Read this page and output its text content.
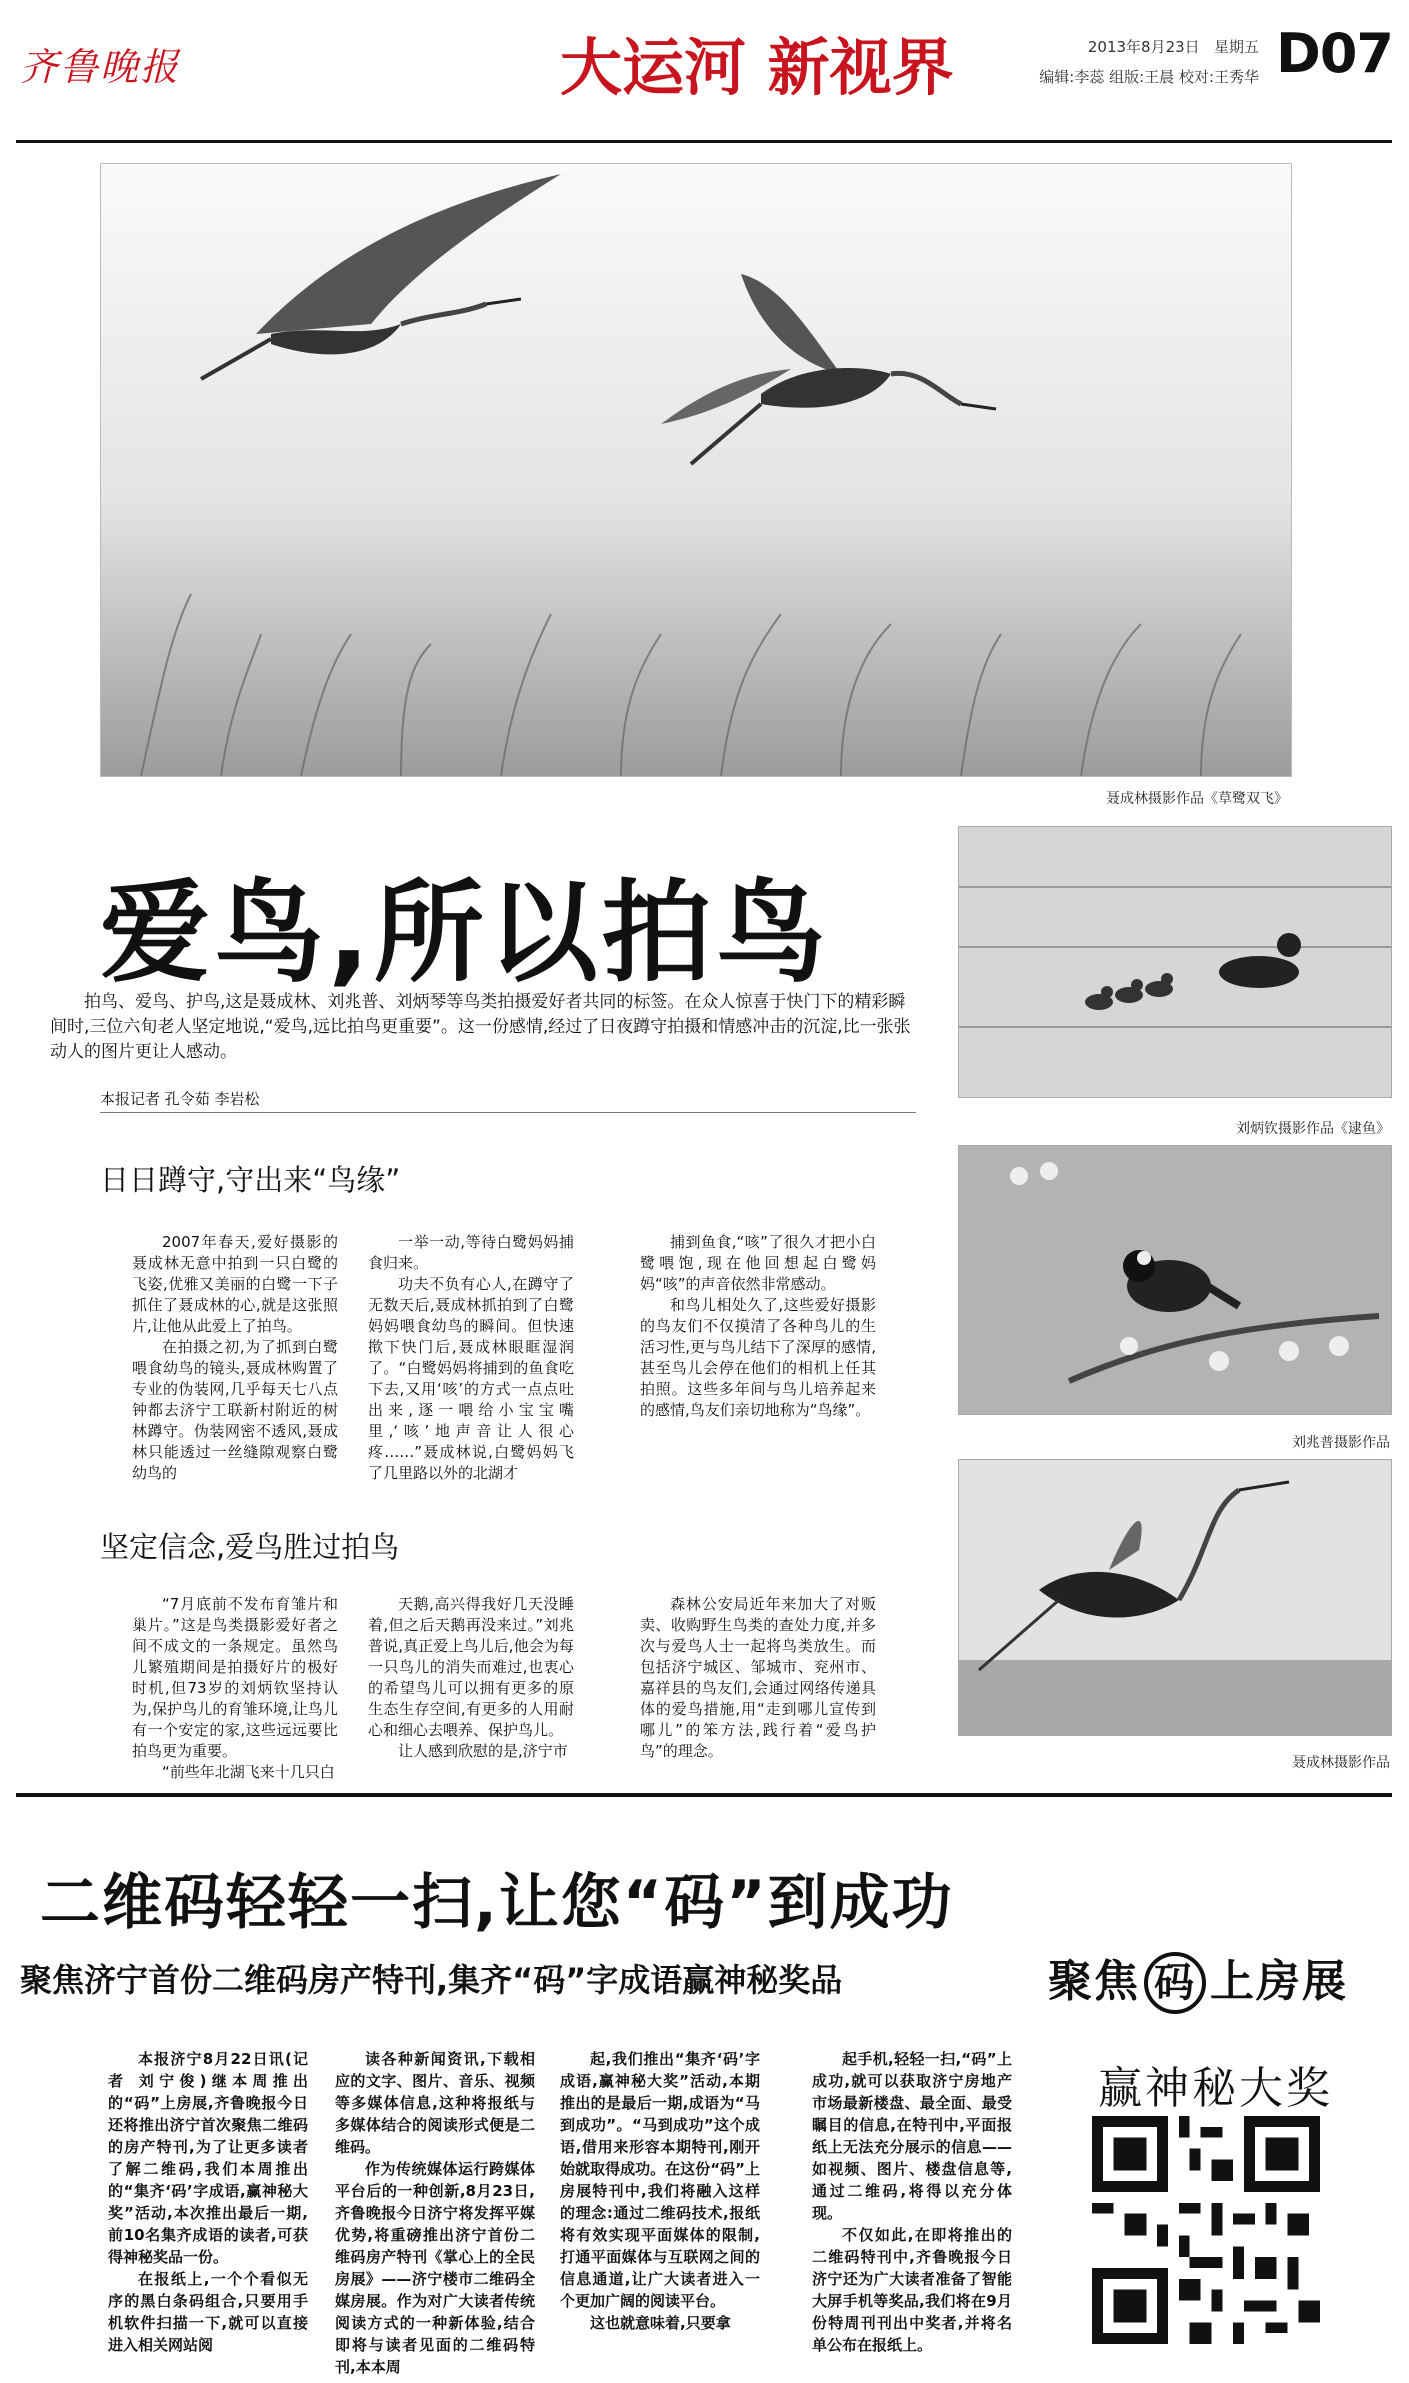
齐鲁晚报	大运河 新视界	2013年8月23日 星期五
编辑:李蕊 组版:王晨 校对:王秀华 D07
聂成林摄影作品《草鹭双飞》
爱鸟,所以拍鸟
拍鸟、爱鸟、护鸟,这是聂成林、刘兆普、刘炳琴等鸟类拍摄爱好者共同的标签。在众人惊喜于快门下的精彩瞬间时,三位六旬老人坚定地说,“爱鸟,远比拍鸟更重要”。这一份感情,经过了日夜蹲守拍摄和情感冲击的沉淀,比一张张动人的图片更让人感动。
本报记者 孔令茹 李岩松
日日蹲守,守出来“鸟缘”

2007年春天,爱好摄影的聂成林无意中拍到一只白鹭的飞姿,优雅又美丽的白鹭一下子抓住了聂成林的心,就是这张照片,让他从此爱上了拍鸟。

在拍摄之初,为了抓到白鹭喂食幼鸟的镜头,聂成林购置了专业的伪装网,几乎每天七八点钟都去济宁工联新村附近的树林蹲守。伪装网密不透风,聂成林只能透过一丝缝隙观察白鹭幼鸟的

一举一动,等待白鹭妈妈捕食归来。

功夫不负有心人,在蹲守了无数天后,聂成林抓拍到了白鹭妈妈喂食幼鸟的瞬间。但快速揿下快门后,聂成林眼眶湿润了。“白鹭妈妈将捕到的鱼食吃下去,又用‘咳’的方式一点点吐出来,逐一喂给小宝宝嘴里,‘咳’地声音让人很心疼……”聂成林说,白鹭妈妈飞了几里路以外的北湖才

捕到鱼食,“咳”了很久才把小白鹭喂饱,现在他回想起白鹭妈妈“咳”的声音依然非常感动。

和鸟儿相处久了,这些爱好摄影的鸟友们不仅摸清了各种鸟儿的生活习性,更与鸟儿结下了深厚的感情,甚至鸟儿会停在他们的相机上任其拍照。这些多年间与鸟儿培养起来的感情,鸟友们亲切地称为“鸟缘”。

坚定信念,爱鸟胜过拍鸟

“7月底前不发布育雏片和巢片。”这是鸟类摄影爱好者之间不成文的一条规定。虽然鸟儿繁殖期间是拍摄好片的极好时机,但73岁的刘炳钦坚持认为,保护鸟儿的育雏环境,让鸟儿有一个安定的家,这些远远要比拍鸟更为重要。

“前些年北湖飞来十几只白

天鹅,高兴得我好几天没睡着,但之后天鹅再没来过。”刘兆普说,真正爱上鸟儿后,他会为每一只鸟儿的消失而难过,也衷心的希望鸟儿可以拥有更多的原生态生存空间,有更多的人用耐心和细心去喂养、保护鸟儿。

让人感到欣慰的是,济宁市

森林公安局近年来加大了对贩卖、收购野生鸟类的查处力度,并多次与爱鸟人士一起将鸟类放生。而包括济宁城区、邹城市、兖州市、嘉祥县的鸟友们,会通过网络传递具体的爱鸟措施,用“走到哪儿宣传到哪儿”的笨方法,践行着“爱鸟护鸟”的理念。

刘炳钦摄影作品《逮鱼》
刘兆普摄影作品
聂成林摄影作品
二维码轻轻一扫,让您“码”到成功
聚焦济宁首份二维码房产特刊,集齐“码”字成语赢神秘奖品

本报济宁8月22日讯(记者 刘宁俊)继本周推出的“码”上房展,齐鲁晚报今日还将推出济宁首次聚焦二维码的房产特刊,为了让更多读者了解二维码,我们本周推出的“集齐‘码’字成语,赢神秘大奖”活动,本次推出最后一期,前10名集齐成语的读者,可获得神秘奖品一份。

在报纸上,一个个看似无序的黑白条码组合,只要用手机软件扫描一下,就可以直接进入相关网站阅

读各种新闻资讯,下载相应的文字、图片、音乐、视频等多媒体信息,这种将报纸与多媒体结合的阅读形式便是二维码。

作为传统媒体运行跨媒体平台后的一种创新,8月23日,齐鲁晚报今日济宁将发挥平媒优势,将重磅推出济宁首份二维码房产特刊《掌心上的全民房展》——济宁楼市二维码全媒房展。作为对广大读者传统阅读方式的一种新体验,结合即将与读者见面的二维码特刊,本本周

起,我们推出“集齐‘码’字成语,赢神秘大奖”活动,本期推出的是最后一期,成语为“马到成功”。“马到成功”这个成语,借用来形容本期特刊,刚开始就取得成功。在这份“码”上房展特刊中,我们将融入这样的理念:通过二维码技术,报纸将有效实现平面媒体的限制,打通平面媒体与互联网之间的信息通道,让广大读者进入一个更加广阔的阅读平台。

这也就意味着,只要拿

起手机,轻轻一扫,“码”上成功,就可以获取济宁房地产市场最新楼盘、最全面、最受瞩目的信息,在特刊中,平面报纸上无法充分展示的信息——如视频、图片、楼盘信息等,通过二维码,将得以充分体现。

不仅如此,在即将推出的二维码特刊中,齐鲁晚报今日济宁还为广大读者准备了智能大屏手机等奖品,我们将在9月份特周刊刊出中奖者,并将名单公布在报纸上。

聚焦 码 上房展
赢神秘大奖
